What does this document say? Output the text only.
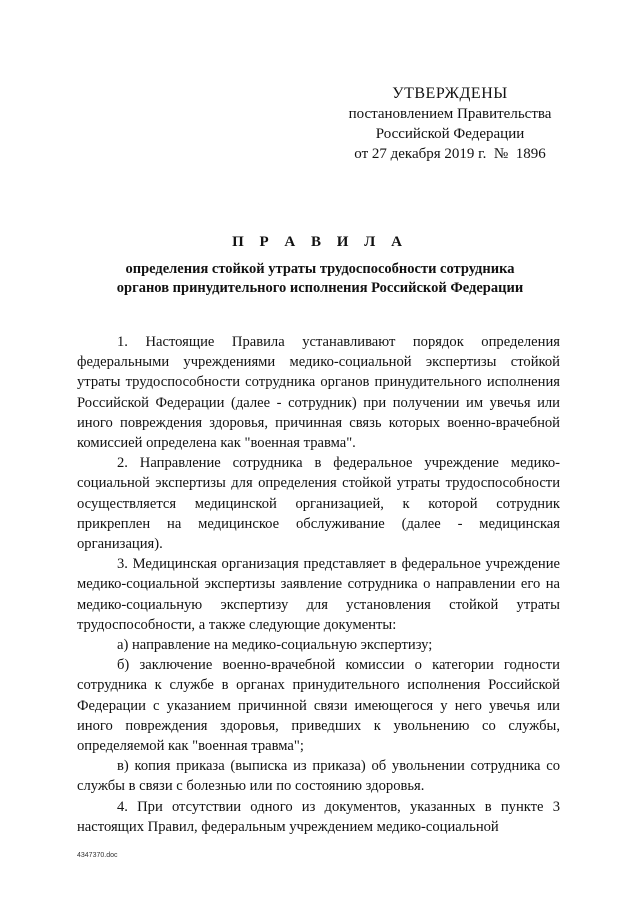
УТВЕРЖДЕНЫ
постановлением Правительства
Российской Федерации
от 27 декабря 2019 г.  №  1896
П Р А В И Л А
определения стойкой утраты трудоспособности сотрудника
органов принудительного исполнения Российской Федерации

1. Настоящие Правила устанавливают порядок определения федеральными учреждениями медико-социальной экспертизы стойкой утраты трудоспособности сотрудника органов принудительного исполнения Российской Федерации (далее - сотрудник) при получении им увечья или иного повреждения здоровья, причинная связь которых военно-врачебной комиссией определена как "военная травма".

2. Направление сотрудника в федеральное учреждение медико-социальной экспертизы для определения стойкой утраты трудоспособности осуществляется медицинской организацией, к которой сотрудник прикреплен на медицинское обслуживание (далее - медицинская организация).

3. Медицинская организация представляет в федеральное учреждение медико-социальной экспертизы заявление сотрудника о направлении его на медико-социальную экспертизу для установления стойкой утраты трудоспособности, а также следующие документы:

а) направление на медико-социальную экспертизу;

б) заключение военно-врачебной комиссии о категории годности сотрудника к службе в органах принудительного исполнения Российской Федерации с указанием причинной связи имеющегося у него увечья или иного повреждения здоровья, приведших к увольнению со службы, определяемой как "военная травма";

в) копия приказа (выписка из приказа) об увольнении сотрудника со службы в связи с болезнью или по состоянию здоровья.

4. При отсутствии одного из документов, указанных в пункте 3 настоящих Правил, федеральным учреждением медико-социальной

4347370.doc
